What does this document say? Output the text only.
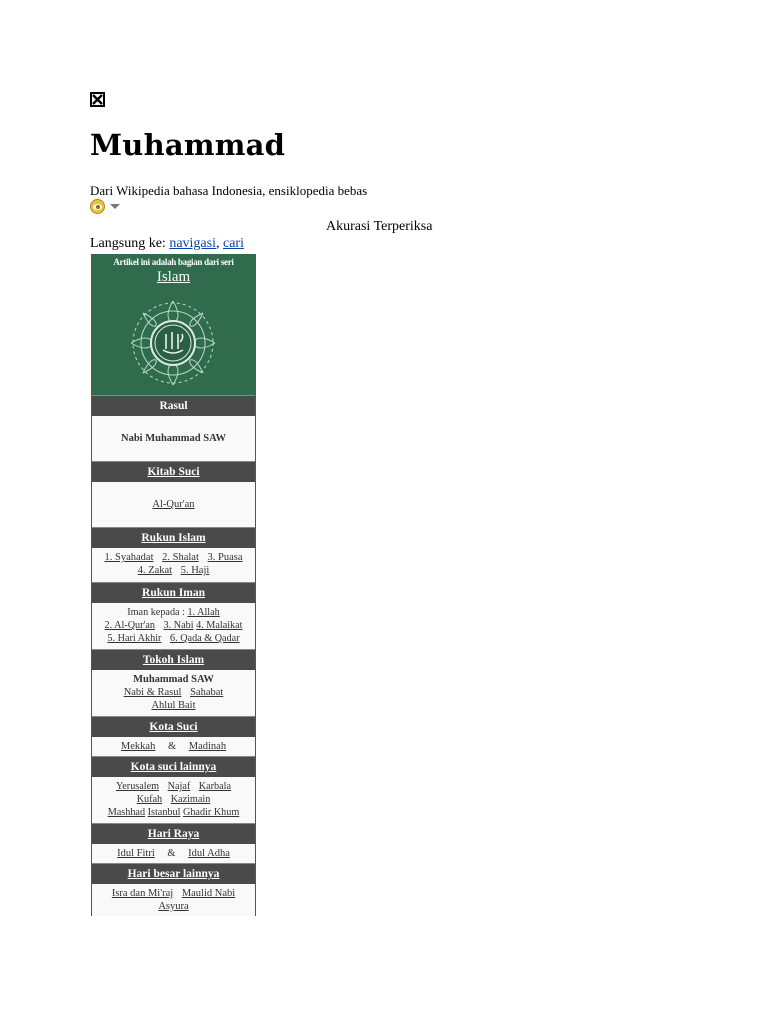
Muhammad
Dari Wikipedia bahasa Indonesia, ensiklopedia bebas
Akurasi Terperiksa
Langsung ke: navigasi, cari
Artikel ini adalah bagian dari seri
Islam
Rasul
Nabi Muhammad SAW
Kitab Suci
Al-Qur'an
Rukun Islam
1. Syahadat 2. Shalat 3. Puasa
4. Zakat 5. Haji
Rukun Iman
Iman kepada : 1. Allah
2. Al-Qur'an 3. Nabi 4. Malaikat
5. Hari Akhir 6. Qada & Qadar
Tokoh Islam
Muhammad SAW
Nabi & Rasul Sahabat
Ahlul Bait
Kota Suci
Mekkah & Madinah
Kota suci lainnya
Yerusalem Najaf Karbala
Kufah Kazimain
Mashhad Istanbul Ghadir Khum
Hari Raya
Idul Fitri & Idul Adha
Hari besar lainnya
Isra dan Mi'raj Maulid Nabi
Asyura
